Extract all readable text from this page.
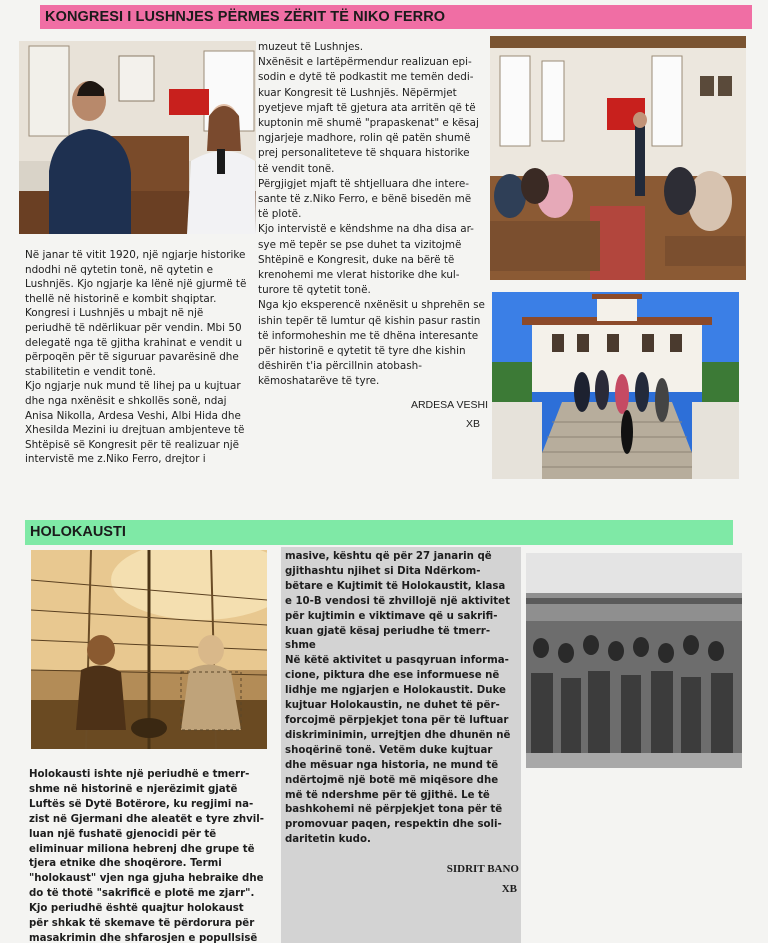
KONGRESI I LUSHNJES PËRMES ZËRIT TË NIKO FERRO

Në janar të vitit 1920, një ngjarje historike

ndodhi në qytetin tonë, në qytetin e

Lushnjës. Kjo ngjarje ka lënë një gjurmë të

thellë në historinë e kombit shqiptar.

Kongresi i Lushnjës u mbajt në një

periudhë të ndërlikuar për vendin. Mbi 50

delegatë nga të gjitha krahinat e vendit u

përpoqën për të siguruar pavarësinë dhe

stabilitetin e vendit tonë.

Kjo ngjarje nuk mund të lihej pa u kujtuar

dhe nga nxënësit e shkollës sonë, ndaj

Anisa Nikolla, Ardesa Veshi, Albi Hida dhe

Xhesilda Mezini iu drejtuan ambjenteve të

Shtëpisë së Kongresit për të realizuar një

intervistë me z.Niko Ferro, drejtor i

muzeut të Lushnjes.

Nxënësit e lartëpërmendur realizuan epi-

sodin e dytë të podkastit me temën dedi-

kuar Kongresit të Lushnjës. Nëpërmjet

pyetjeve mjaft të gjetura ata arritën që të

kuptonin më shumë "prapaskenat" e kësaj

ngjarjeje madhore, rolin që patën shumë

prej personaliteteve të shquara historike

të vendit tonë.

Përgjigjet mjaft të shtjelluara dhe intere-

sante të z.Niko Ferro, e bënë bisedën më

të plotë.

Kjo intervistë e këndshme na dha disa ar-

sye më tepër se pse duhet ta vizitojmë

Shtëpinë e Kongresit, duke na bërë të

krenohemi me vlerat historike dhe kul-

turore të qytetit tonë.

Nga kjo eksperencë nxënësit u shprehën se

ishin tepër të lumtur që kishin pasur rastin

të informoheshin me të dhëna interesante

për historinë e qytetit të tyre dhe kishin

dëshirën t'ia përcillnin atobash-

këmoshatarëve të tyre.

ARDESA VESHI

XB

HOLOKAUSTI

Holokausti ishte një periudhë e tmerr-

shme në historinë e njerëzimit gjatë

Luftës së Dytë Botërore, ku regjimi na-

zist në Gjermani dhe aleatët e tyre zhvil-

luan një fushatë gjenocidi për të

eliminuar miliona hebrenj dhe grupe të

tjera etnike dhe shoqërore. Termi

"holokaust" vjen nga gjuha hebraike dhe

do të thotë "sakrificë e plotë me zjarr".

Kjo periudhë është quajtur holokaust

për shkak të skemave të përdorura për

masakrimin dhe shfarosjen e popullsisë

masive, kështu që për 27 janarin që

gjithashtu njihet si Dita Ndërkom-

bëtare e Kujtimit të Holokaustit, klasa

e 10-B vendosi të zhvillojë një aktivitet

për kujtimin e viktimave që u sakrifi-

kuan gjatë kësaj periudhe të tmerr-

shme

Në këtë aktivitet u pasqyruan informa-

cione, piktura dhe ese informuese në

lidhje me ngjarjen e Holokaustit. Duke

kujtuar Holokaustin, ne duhet të për-

forcojmë përpjekjet tona për të luftuar

diskriminimin, urrejtjen dhe dhunën në

shoqërinë tonë. Vetëm duke kujtuar

dhe mësuar nga historia, ne mund të

ndërtojmë një botë më miqësore dhe

më të ndershme për të gjithë. Le të

bashkohemi në përpjekjet tona për të

promovuar paqen, respektin dhe soli-

daritetin kudo.

SIDRIT BANO

XB
